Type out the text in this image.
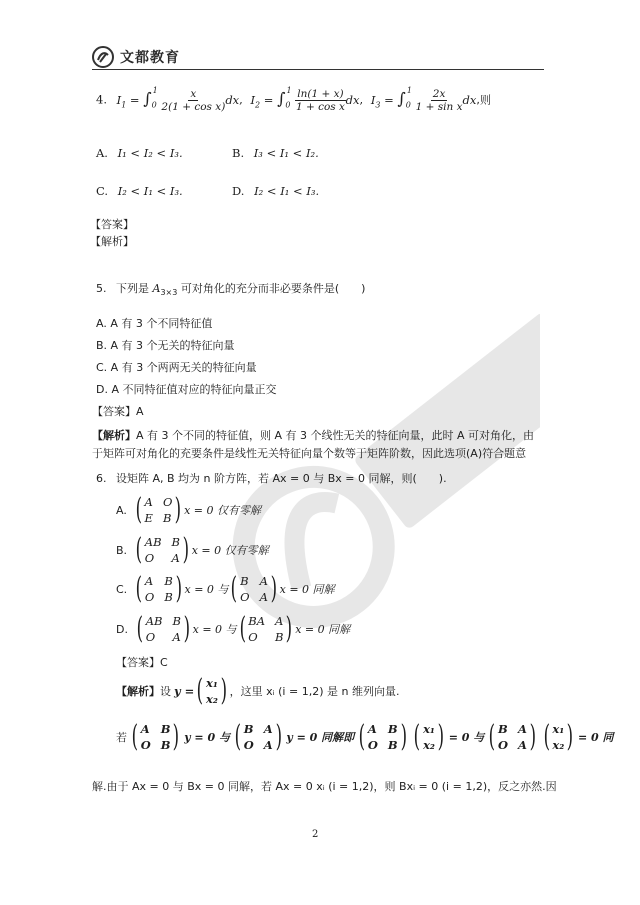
文都教育
4. $I_1 = \int_0^1 \frac{x}{\text{2(1 + cos x)}}$ dx, $I_2 = \int_0^1 \frac{\ln(1 + x)}{\text{1 + cos x}}$ dx, $I_3 = \int_0^1 \frac{2x}{\text{1 + sin x}}$ dx,则
A. I₁ < I₂ < I₃.	B. I₃ < I₁ < I₂.
C. I₂ < I₁ < I₃.	D. I₂ < I₁ < I₃.
【答案】
【解析】
5. 下列是 $A_{3\times 3}$ 可对角化的充分而非必要条件是(　　)
A. A 有 3 个不同特征值
B. A 有 3 个无关的特征向量
C. A 有 3 个两两无关的特征向量
D. A 不同特征值对应的特征向量正交
【答案】A
【解析】A 有 3 个不同的特征值，则 A 有 3 个线性无关的特征向量，此时 A 可对角化，由
于矩阵可对角化的充要条件是线性无关特征向量个数等于矩阵阶数，因此选项(A)符合题意
6. 设矩阵 A, B 均为 n 阶方阵，若 Ax = 0 与 Bx = 0 同解，则(　　).
A. ( A O
E B ) x = 0 仅有零解
B. ( AB B
O	A ) x = 0 仅有零解
C. ( A B
O B ) x = 0 与 ( B A
O A ) x = 0 同解
D. ( AB B
O	A ) x = 0 与 ( BA A
O	B ) x = 0 同解
【答案】C
【解析】 设 y = ( x₁
x₂ ) ，这里 xᵢ (i = 1,2) 是 n 维列向量.
若 ( A B
O B ) y = 0 与 ( B A
O A ) y = 0 同解即 ( A B
O B ) ( x₁
x₂ ) = 0 与 ( B A
O A ) ( x₁
x₂ ) = 0 同
解.由于 Ax = 0 与 Bx = 0 同解，若 Ax = 0 xᵢ (i = 1,2)，则 Bxᵢ = 0 (i = 1,2)，反之亦然.因
2
